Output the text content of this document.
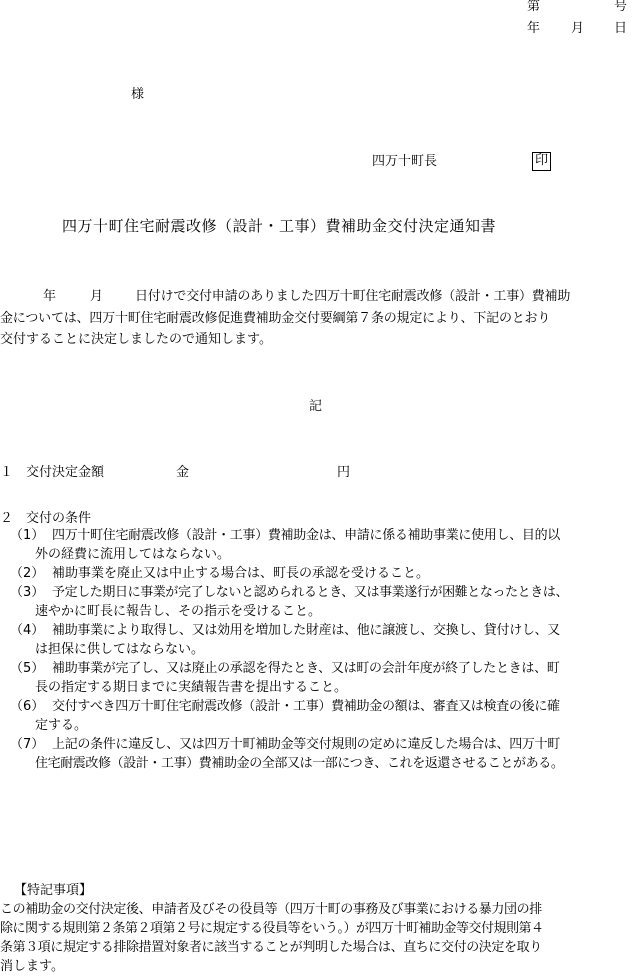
第	号
年 月 日
様
四万十町長	印
四万十町住宅耐震改修（設計・工事）費補助金交付決定通知書
年	月 日付けで交付申請のありました四万十町住宅耐震改修（設計・工事）費補助
金については、四万十町住宅耐震改修促進費補助金交付要綱第７条の規定により、下記のとおり
交付することに決定しましたので通知します。
記
１　交付決定金額	金	円
２　交付の条件
（1） 四万十町住宅耐震改修（設計・工事）費補助金は、申請に係る補助事業に使用し、目的以
外の経費に流用してはならない。
（2） 補助事業を廃止又は中止する場合は、町長の承認を受けること。
（3） 予定した期日に事業が完了しないと認められるとき、又は事業遂行が困難となったときは、
速やかに町長に報告し、その指示を受けること。
（4） 補助事業により取得し、又は効用を増加した財産は、他に譲渡し、交換し、貸付けし、又
は担保に供してはならない。
（5） 補助事業が完了し、又は廃止の承認を得たとき、又は町の会計年度が終了したときは、町
長の指定する期日までに実績報告書を提出すること。
（6） 交付すべき四万十町住宅耐震改修（設計・工事）費補助金の額は、審査又は検査の後に確
定する。
（7） 上記の条件に違反し、又は四万十町補助金等交付規則の定めに違反した場合は、四万十町
住宅耐震改修（設計・工事）費補助金の全部又は一部につき、これを返還させることがある。
【特記事項】
この補助金の交付決定後、申請者及びその役員等（四万十町の事務及び事業における暴力団の排
除に関する規則第２条第２項第２号に規定する役員等をいう。）が四万十町補助金等交付規則第４
条第３項に規定する排除措置対象者に該当することが判明した場合は、直ちに交付の決定を取り
消します。
